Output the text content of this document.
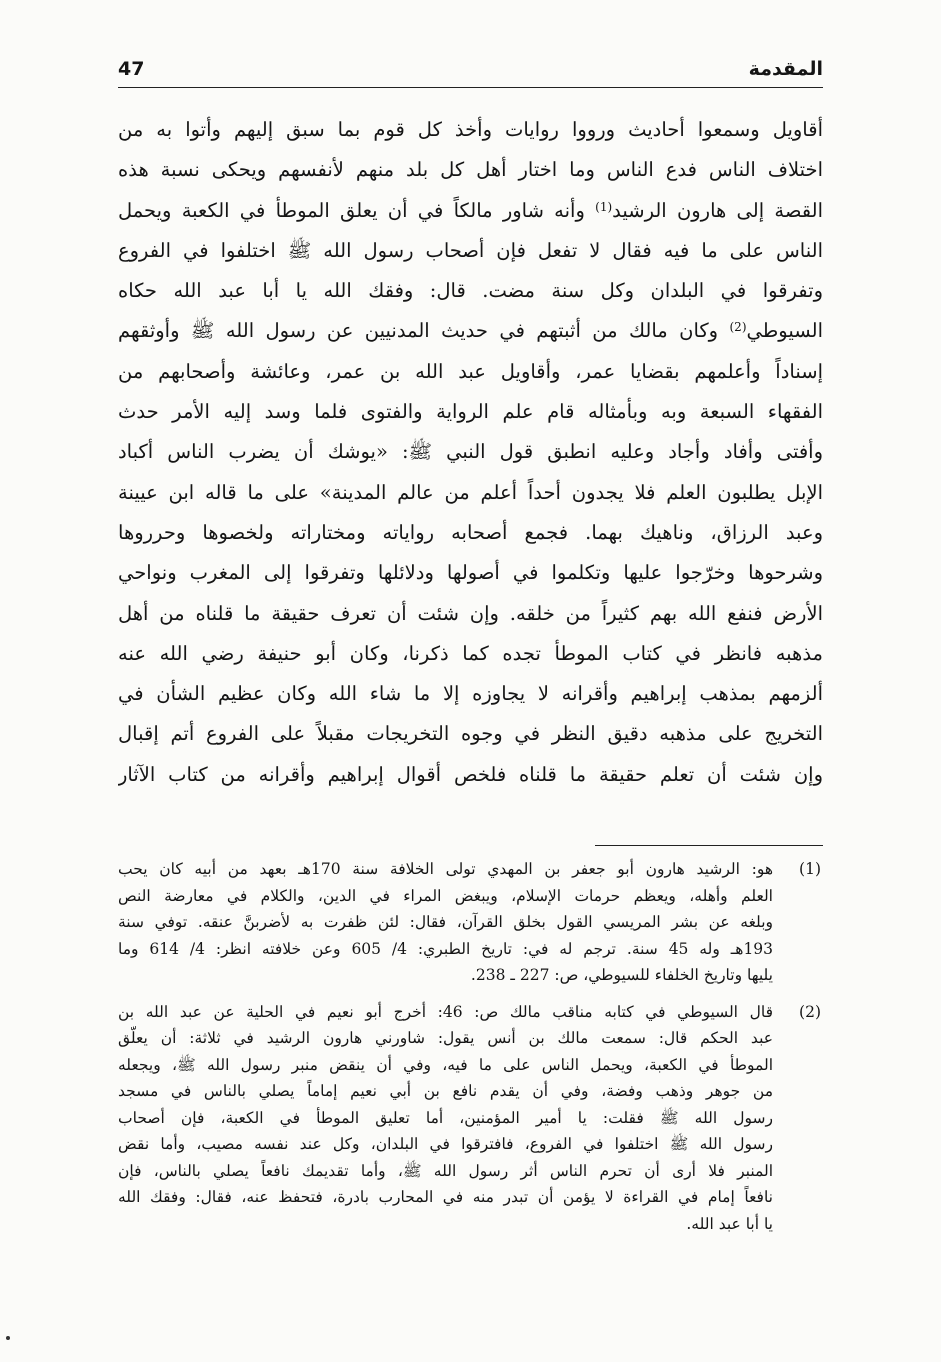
47	المقدمة
أقاويل وسمعوا أحاديث ورووا روايات وأخذ كل قوم بما سبق إليهم وأتوا به من
اختلاف الناس فدع الناس وما اختار أهل كل بلد منهم لأنفسهم ويحكى نسبة هذه
القصة إلى هارون الرشيد$^{(1)}$ وأنه شاور مالكاً في أن يعلق الموطأ في الكعبة ويحمل
الناس على ما فيه فقال لا تفعل فإن أصحاب رسول الله ﷺ اختلفوا في الفروع
وتفرقوا في البلدان وكل سنة مضت. قال: وفقك الله يا أبا عبد الله حكاه
السيوطي$^{(2)}$ وكان مالك من أثبتهم في حديث المدنيين عن رسول الله ﷺ وأوثقهم
إسناداً وأعلمهم بقضايا عمر، وأقاويل عبد الله بن عمر، وعائشة وأصحابهم من
الفقهاء السبعة وبه وبأمثاله قام علم الرواية والفتوى فلما وسد إليه الأمر حدث
وأفتى وأفاد وأجاد وعليه انطبق قول النبي ﷺ: «يوشك أن يضرب الناس أكباد
الإبل يطلبون العلم فلا يجدون أحداً أعلم من عالم المدينة» على ما قاله ابن عيينة
وعبد الرزاق، وناهيك بهما. فجمع أصحابه رواياته ومختاراته ولخصوها وحرروها
وشرحوها وخرّجوا عليها وتكلموا في أصولها ودلائلها وتفرقوا إلى المغرب ونواحي
الأرض فنفع الله بهم كثيراً من خلقه. وإن شئت أن تعرف حقيقة ما قلناه من أهل
مذهبه فانظر في كتاب الموطأ تجده كما ذكرنا، وكان أبو حنيفة رضي الله عنه
ألزمهم بمذهب إبراهيم وأقرانه لا يجاوزه إلا ما شاء الله وكان عظيم الشأن في
التخريج على مذهبه دقيق النظر في وجوه التخريجات مقبلاً على الفروع أتم إقبال
وإن شئت أن تعلم حقيقة ما قلناه فلخص أقوال إبراهيم وأقرانه من كتاب الآثار
(1)
هو: الرشيد هارون أبو جعفر بن المهدي تولى الخلافة سنة 170هـ بعهد من أبيه كان يحب
العلم وأهله، ويعظم حرمات الإسلام، ويبغض المراء في الدين، والكلام في معارضة النص
وبلغه عن بشر المريسي القول بخلق القرآن، فقال: لئن ظفرت به لأضربنَّ عنقه. توفي سنة
193هـ وله 45 سنة. ترجم له في: تاريخ الطبري: 4/ 605 وعن خلافته انظر: 4/ 614 وما
يليها وتاريخ الخلفاء للسيوطي، ص: 227 ـ 238.
(2)
قال السيوطي في كتابه مناقب مالك ص: 46: أخرج أبو نعيم في الحلية عن عبد الله بن
عبد الحكم قال: سمعت مالك بن أنس يقول: شاورني هارون الرشيد في ثلاثة: أن يعلّق
الموطأ في الكعبة، ويحمل الناس على ما فيه، وفي أن ينقض منبر رسول الله ﷺ، ويجعله
من جوهر وذهب وفضة، وفي أن يقدم نافع بن أبي نعيم إماماً يصلي بالناس في مسجد
رسول الله ﷺ فقلت: يا أمير المؤمنين، أما تعليق الموطأ في الكعبة، فإن أصحاب
رسول الله ﷺ اختلفوا في الفروع، فافترقوا في البلدان، وكل عند نفسه مصيب، وأما نقض
المنبر فلا أرى أن تحرم الناس أثر رسول الله ﷺ، وأما تقديمك نافعاً يصلي بالناس، فإن
نافعاً إمام في القراءة لا يؤمن أن تبدر منه في المحارب بادرة، فتحفظ عنه، فقال: وفقك الله
يا أبا عبد الله.
